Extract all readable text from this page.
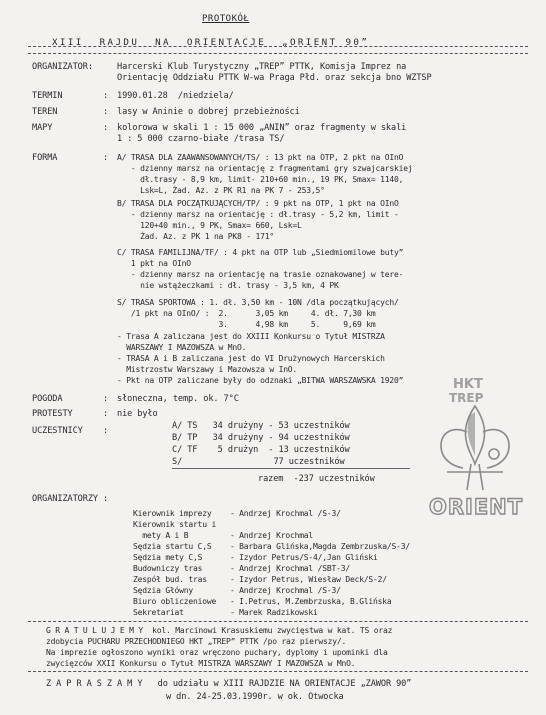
PROTOKÓŁ
XIII  RAJDU  NA  ORIENTACJE  „ORIENT 90”
ORGANIZATOR:	Harcerski Klub Turystyczny „TREP” PTTK, Komisja Imprez na
Orientację Oddziału PTTK W-wa Praga Płd. oraz sekcja bno WZTSP
TERMIN	: 1990.01.28  /niedziela/
TEREN	: lasy w Aninie o dobrej przebieżności
MAPY	: kolorowa w skali 1 : 15 000 „ANIN” oraz fragmenty w skali
1 : 5 000 czarno-białe /trasa TS/
FORMA	: A/ TRASA DLA ZAAWANSOWANYCH/TS/ : 13 pkt na OTP, 2 pkt na OInO
- dzienny marsz na orientację z fragmentami gry szwajcarskiej
dł.trasy - 8,9 km, limit- 210+60 min., 19 PK, Smax= 1140,
Lsk=L, Żad. Az. z PK R1 na PK 7 - 253,5°
B/ TRASA DLA POCZĄTKUJĄCYCH/TP/ : 9 pkt na OTP, 1 pkt na OInO
- dzienny marsz na orientację : dł.trasy - 5,2 km, limit -
120+40 min., 9 PK, Smax= 660, Lsk=L
Żad. Az. z PK 1 na PK8 - 171°
C/ TRASA FAMILIJNA/TF/ : 4 pkt na OTP lub „Siedmiomilowe buty”
1 pkt na OInO
- dzienny marsz na orientację na trasie oznakowanej w tere-
nie wstążeczkami : dł. trasy - 3,5 km, 4 PK
S/ TRASA SPORTOWA : 1. dł. 3,50 km - 10N /dla początkujących/
/1 pkt na OInO/ :  2.      3,05 km     4. dł. 7,30 km
3.      4,98 km     5.     9,69 km
- Trasa A zaliczana jest do XXIII Konkursu o Tytuł MISTRZA
WARSZAWY I MAZOWSZA w MnO.
- TRASA A i B zaliczana jest do VI Drużynowych Harcerskich
Mistrzostw Warszawy i Mazowsza w InO.
- Pkt na OTP zaliczane były do odznaki „BITWA WARSZAWSKA 1920”
POGODA	: słoneczna, temp. ok. 7°C
PROTESTY	: nie było
UCZESTNICY :	A/ TS   34 drużyny - 53 uczestników
B/ TP   34 drużyny - 94 uczestników
C/ TF    5 drużyn  - 13 uczestników
S/                  77 uczestników
razem  -237 uczestników
ORGANIZATORZY :
Kierownik imprezy    - Andrzej Krochmal /S-3/
Kierownik startu i
mety A i B         - Andrzej Krochmal
Sędzia startu C,S    - Barbara Glińska,Magda Zembrzuska/S-3/
Sędzia mety C,S      - Izydor Petrus/S-4/,Jan Gliński
Budowniczy tras      - Andrzej Krochmal /SBT-3/
Zespół bud. tras     - Izydor Petrus, Wiesław Deck/S-2/
Sędzia Główny        - Andrzej Krochmal /S-3/
Biuro obliczeniowe   - I.Petrus, M.Zembrzuska, B.Glińska
Sekretariat          - Marek Radzikowski
G R A T U L U J E M Y  kol. Marcinowi Krasuskiemu zwycięstwa w kat. TS oraz
zdobycia PUCHARU PRZECHODNIEGO HKT „TREP” PTTK /po raz pierwszy/.
Na imprezie ogłoszono wyniki oraz wręczono puchary, dyplomy i upominki dla
zwycięzców XXII Konkursu o Tytuł MISTRZA WARSZAWY I MAZOWSZA w MnO.
Z A P R A S Z A M Y   do udziału w XIII RAJDZIE NA ORIENTACJE „ZAWOR 90”
w dn. 24-25.03.1990r. w ok. Otwocka
HKT
TREP
ORIENT
